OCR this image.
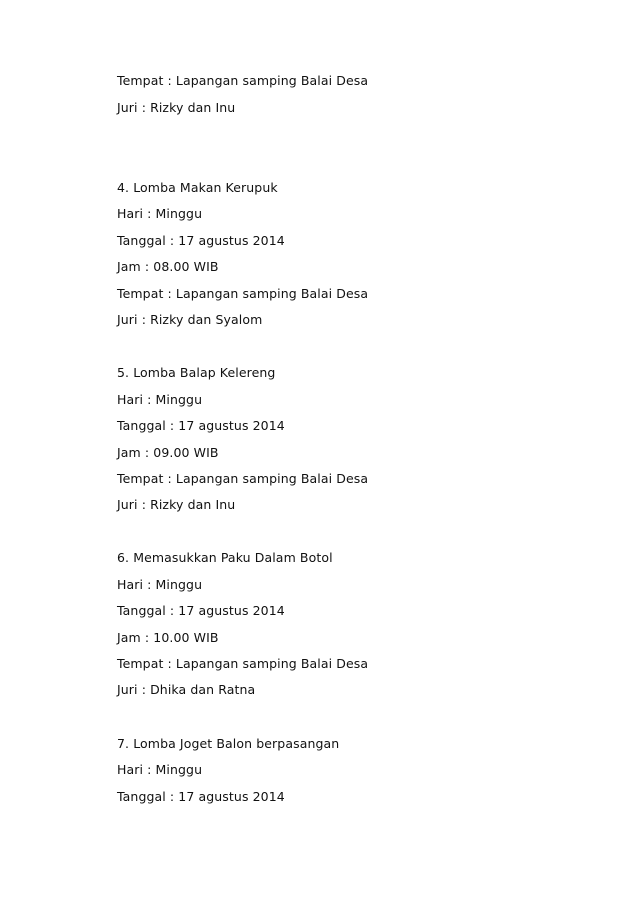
Tempat : Lapangan samping Balai Desa
Juri : Rizky dan Inu
4. Lomba Makan Kerupuk
Hari : Minggu
Tanggal : 17 agustus 2014
Jam : 08.00 WIB
Tempat : Lapangan samping Balai Desa
Juri : Rizky dan Syalom
5. Lomba Balap Kelereng
Hari : Minggu
Tanggal : 17 agustus 2014
Jam : 09.00 WIB
Tempat : Lapangan samping Balai Desa
Juri : Rizky dan Inu
6. Memasukkan Paku Dalam Botol
Hari : Minggu
Tanggal : 17 agustus 2014
Jam : 10.00 WIB
Tempat : Lapangan samping Balai Desa
Juri : Dhika dan Ratna
7. Lomba Joget Balon berpasangan
Hari : Minggu
Tanggal : 17 agustus 2014
